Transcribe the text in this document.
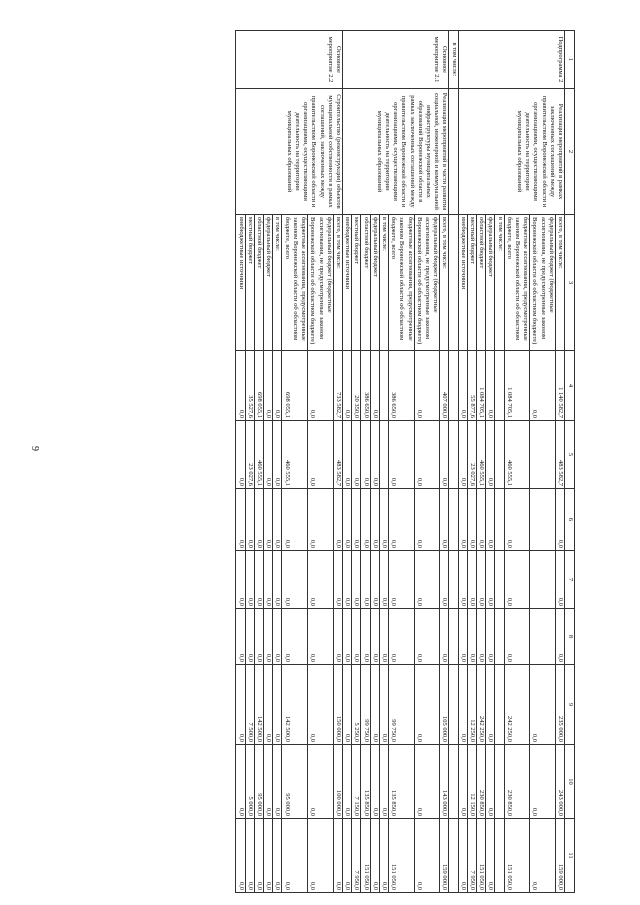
9
1	2	3	4	5	6	7	8	9	10	11
Подпрограмма 2	Реализация мероприятий в рамках заключенных соглашений между правительством Воронежской области и организациями, осуществляющими деятельность на территории муниципальных образований	всего, в том числе:	1 140 582,7	483 582,7	0,0	0,0	0,0	235 000,0	243 000,0	159 000,0
		федеральный бюджет (бюджетные ассигнования, не предусмотренные законом Воронежской области об областном бюджете)	0,0					0,0	0,0	0,0
		бюджетные ассигнования, предусмотренные законом Воронежской области об областном бюджете, всего	1 084 705,1	460 555,1	0,0	0,0	0,0	242 250,0	230 850,0	151 050,0
		в том числе:								
		федеральный бюджет	0,0	0,0	0,0	0,0	0,0	0,0	0,0	0,0
		областной бюджет	1 084 705,1	460 555,1	0,0	0,0	0,0	242 250,0	230 850,0	151 050,0
		местный бюджет	55 877,6	23 027,6	0,0	0,0	0,0	12 250,0	12 150,0	7 950,0
		внебюджетные источники	0,0	0,0	0,0	0,0	0,0	0,0	0,0	0,0
в том числе:										
Основное мероприятие 2.1	Реализация мероприятий в части развития социальной, инженерной и коммунальной инфраструктуры муниципальных образований Воронежской области в рамках заключенных соглашений между правительством Воронежской области и организациями, осуществляющими деятельность на территории муниципальных образований	всего, в том числе:	407 000,0	0,0	0,0	0,0	0,0	105 000,0	143 000,0	159 000,0
		федеральный бюджет (бюджетные ассигнования, не предусмотренные законом Воронежской области об областном бюджете)	0,0	0,0	0,0	0,0	0,0	0,0	0,0	0,0
		бюджетные ассигнования, предусмотренные законом Воронежской области об областном бюджете, всего	386 650,0	0,0	0,0	0,0	0,0	99 750,0	135 850,0	151 050,0
		в том числе:			0,0	0,0	0,0	0,0	0,0	0,0
		федеральный бюджет	0,0	0,0	0,0	0,0	0,0	0,0	0,0	0,0
		областной бюджет	386 650,0	0,0	0,0	0,0	0,0	99 750,0	135 850,0	151 050,0
		местный бюджет	20 350,0	0,0	0,0	0,0	0,0	5 250,0	7 150,0	7 950,0
		внебюджетные источники	0,0	0,0	0,0	0,0	0,0	0,0	0,0	0,0
Основное мероприятие 2.2	Строительство (реконструкция) объектов муниципальной собственности в рамках соглашений, заключенных между правительством Воронежской области и организациями, осуществляющими деятельность на территории муниципальных образований	всего, в том числе:	733 582,7	483 582,7	0,0	0,0	0,0	150 000,0	100 000,0	0,0
		федеральный бюджет (бюджетные ассигнования, не предусмотренные законом Воронежской области об областном бюджете)	0,0	0,0	0,0	0,0	0,0	0,0	0,0	0,0
		бюджетные ассигнования, предусмотренные законом Воронежской области об областном бюджете, всего	698 055,1	460 555,1	0,0	0,0	0,0	142 500,0	95 000,0	0,0
		в том числе:	0,0	0,0	0,0	0,0	0,0	0,0	0,0	0,0
		федеральный бюджет	0,0	0,0	0,0	0,0	0,0	0,0	0,0	0,0
		областной бюджет	698 055,1	460 555,1	0,0	0,0	0,0	142 500,0	95 000,0	0,0
		местный бюджет	35 527,6	23 027,6	0,0	0,0	0,0	7 500,0	5 000,0	0,0
		внебюджетные источники	0,0	0,0	0,0	0,0	0,0	0,0	0,0	0,0
